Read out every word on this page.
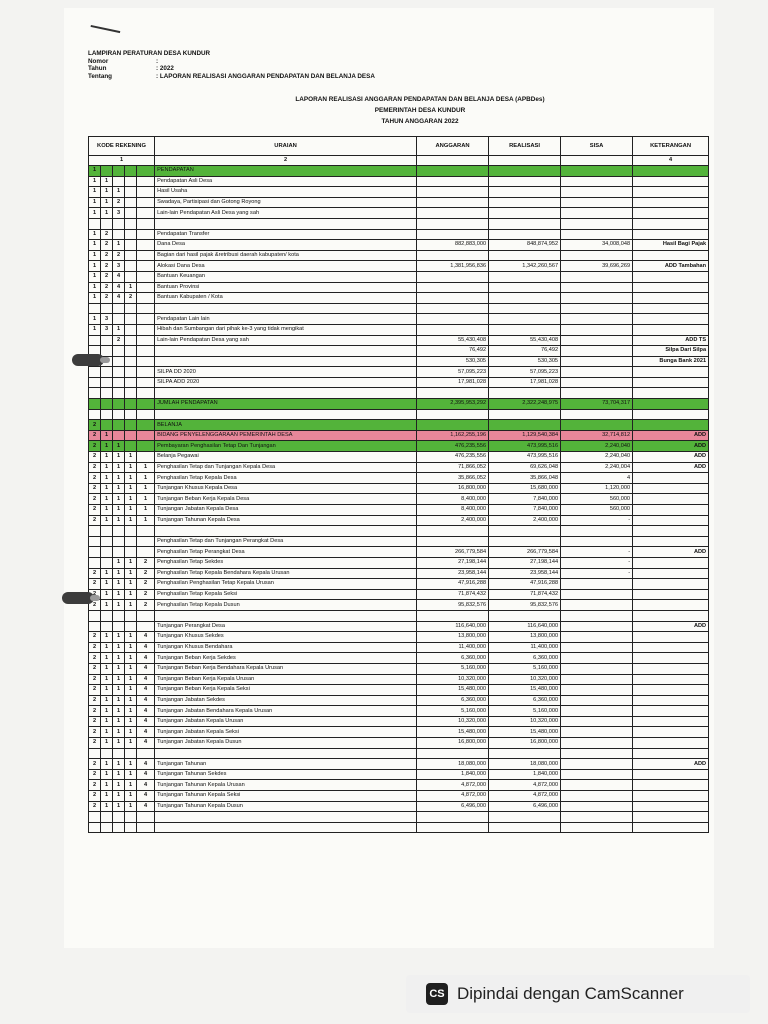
LAMPIRAN PERATURAN DESA KUNDUR
Nomor	:
Tahun	: 2022
Tentang	: LAPORAN REALISASI ANGGARAN PENDAPATAN DAN BELANJA DESA
LAPORAN REALISASI ANGGARAN PENDAPATAN DAN BELANJA DESA (APBDes)
PEMERINTAH DESA KUNDUR
TAHUN ANGGARAN 2022
KODE REKENING					URAIAN	ANGGARAN	REALISASI	SISA	KETERANGAN
1					2				4
1					PENDAPATAN				
1	1				Pendapatan Asli Desa				
1	1	1			Hasil Usaha				
1	1	2			Swadaya, Partisipasi dan Gotong Royong				
1	1	3			Lain-lain Pendapatan Asli Desa yang sah				

1	2				Pendapatan Transfer				
1	2	1			Dana Desa	882,883,000	848,874,952	34,008,048	Hasil Bagi Pajak
1	2	2			Bagian dari hasil pajak &retribusi daerah kabupaten/ kota				
1	2	3			Alokasi Dana Desa	1,381,956,836	1,342,260,567	39,696,269	ADD Tambahan
1	2	4			Bantuan Keuangan				
1	2	4	1		Bantuan Provinsi				
1	2	4	2		Bantuan Kabupaten / Kota				

1	3				Pendapatan Lain lain				
1	3	1			Hibah dan Sumbangan dari pihak ke-3 yang tidak mengikat				
		2			Lain-lain Pendapatan Desa yang sah	55,430,408	55,430,408		ADD TS
						76,492	76,492		Silpa Dari Silpa
						530,305	530,305		Bunga Bank 2021
					SILPA DD 2020	57,095,223	57,095,223		
					SILPA ADD 2020	17,981,028	17,981,028		

					JUMLAH PENDAPATAN	2,395,953,292	2,322,248,975	73,704,317	

2					BELANJA				
2	1				BIDANG PENYELENGGARAAN PEMERINTAH DESA	1,162,255,196	1,129,540,384	32,714,812	ADD
2	1	1			Pembayaran Penghasilan Tetap Dan Tunjangan	476,235,556	473,995,516	2,240,040	ADD
2	1	1	1		Belanja Pegawai	476,235,556	473,995,516	2,240,040	ADD
2	1	1	1	1	Penghasilan Tetap dan Tunjangan Kepala Desa	71,866,052	69,626,048	2,240,004	ADD
2	1	1	1	1	Penghasilan Tetap Kepala Desa	35,866,052	35,866,048	4	
2	1	1	1	1	Tunjangan Khusus Kepala Desa	16,800,000	15,680,000	1,120,000	
2	1	1	1	1	Tunjangan Beban Kerja Kepala Desa	8,400,000	7,840,000	560,000	
2	1	1	1	1	Tunjangan Jabatan Kepala Desa	8,400,000	7,840,000	560,000	
2	1	1	1	1	Tunjangan Tahunan Kepala Desa	2,400,000	2,400,000	-	

					Penghasilan Tetap dan Tunjangan Perangkat Desa				
					Penghasilan Tetap Perangkat Desa	266,779,584	266,779,584	-	ADD
		1	1	2	Penghasilan Tetap Sekdes	27,198,144	27,198,144	-	
2	1	1	1	2	Penghasilan Tetap Kepala Bendahara Kepala Urusan	23,958,144	23,958,144	-	
2	1	1	1	2	Penghasilan Penghasilan Tetap Kepala Urusan	47,916,288	47,916,288		
	1	1	1	2	Penghasilan Tetap Kepala Seksi	71,874,432	71,874,432		
2	1	1	1	2	Penghasilan Tetap Kepala Dusun	95,832,576	95,832,576		

					Tunjangan Perangkat Desa	116,640,000	116,640,000		ADD
2	1	1	1	4	Tunjangan Khusus Sekdes	13,800,000	13,800,000		
2	1	1	1	4	Tunjangan Khusus Bendahara	11,400,000	11,400,000		
2	1	1	1	4	Tunjangan Beban Kerja Sekdes	6,360,000	6,360,000		
2	1	1	1	4	Tunjangan Beban Kerja Bendahara Kepala Urusan	5,160,000	5,160,000		
2	1	1	1	4	Tunjangan Beban Kerja Kepala Urusan	10,320,000	10,320,000		
2	1	1	1	4	Tunjangan Beban Kerja Kepala Seksi	15,480,000	15,480,000		
2	1	1	1	4	Tunjangan Jabatan Sekdes	6,360,000	6,360,000		
2	1	1	1	4	Tunjangan Jabatan Bendahara Kepala Urusan	5,160,000	5,160,000		
2	1	1	1	4	Tunjangan Jabatan Kepala Urusan	10,320,000	10,320,000		
2	1	1	1	4	Tunjangan Jabatan Kepala Seksi	15,480,000	15,480,000		
2	1	1	1	4	Tunjangan Jabatan Kepala Dusun	16,800,000	16,800,000		

2	1	1	1	4	Tunjangan Tahunan	18,080,000	18,080,000		ADD
2	1	1	1	4	Tunjangan Tahunan Sekdes	1,840,000	1,840,000		
2	1	1	1	4	Tunjangan Tahunan Kepala Urusan	4,872,000	4,872,000		
2	1	1	1	4	Tunjangan Tahunan Kepala Seksi	4,872,000	4,872,000		
2	1	1	1	4	Tunjangan Tahunan Kepala Dusun	6,496,000	6,496,000		

CS Dipindai dengan CamScanner
